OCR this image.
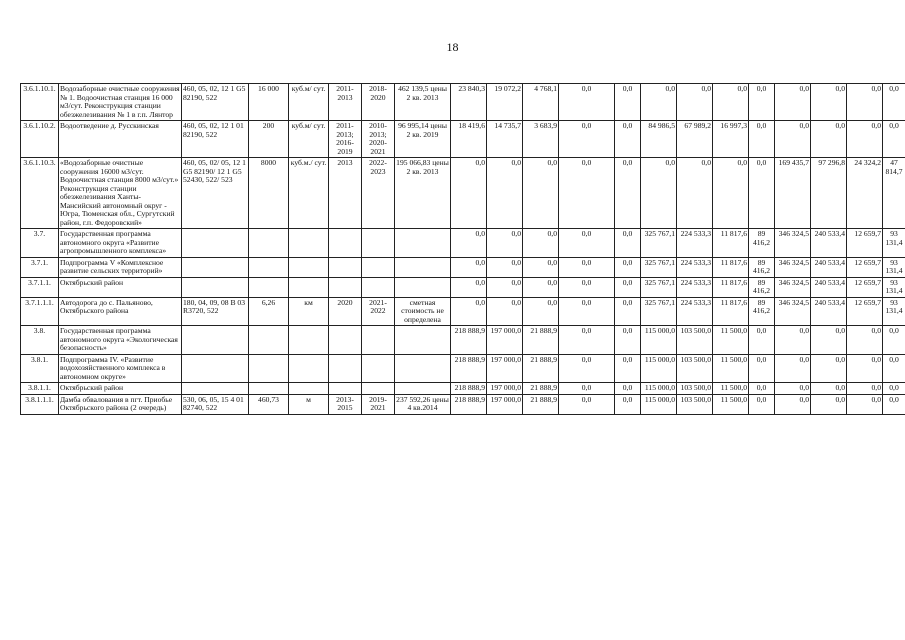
18
3.6.1.10.1.	Водозаборные очистные сооружения № 1. Водоочистная станция 16 000 м3/сут. Реконструкция станции обезжелезивания № 1 в г.п. Лянтор	460, 05, 02, 12 1 G5 82190, 522	16 000	куб.м/ сут.	2011- 2013	2018- 2020	462 139,5 цены 2 кв. 2013	23 840,3	19 072,2	4 768,1	0,0	0,0	0,0	0,0	0,0	0,0	0,0	0,0	0,0	0,0
3.6.1.10.2.	Водоотведение д. Русскинская	460, 05, 02, 12 1 01 82190, 522	200	куб.м/ сут.	2011- 2013; 2016- 2019	2010- 2013; 2020- 2021	96 995,14 цены 2 кв. 2019	18 419,6	14 735,7	3 683,9	0,0	0,0	84 986,5	67 989,2	16 997,3	0,0	0,0	0,0	0,0	0,0
3.6.1.10.3.	«Водозаборные очистные сооружения 16000 м3/сут. Водоочистная станция 8000 м3/сут.» Реконструкция станции обезжелезивания Ханты-Мансийский автономный округ - Югра, Тюменская обл., Сургутский район, г.п. Федоровский»	460, 05, 02/ 05, 12 1 G5 82190/ 12 1 G5 52430, 522/ 523	8000	куб.м./ сут.	2013	2022- 2023	195 066,83 цены 2 кв. 2013	0,0	0,0	0,0	0,0	0,0	0,0	0,0	0,0	0,0	169 435,7	97 296,8	24 324,2	47 814,7
3.7.	Государственная программа автономного округа «Развитие агропромышленного комплекса»							0,0	0,0	0,0	0,0	0,0	325 767,1	224 533,3	11 817,6	89 416,2	346 324,5	240 533,4	12 659,7	93 131,4
3.7.1.	Подпрограмма V «Комплексное развитие сельских территорий»							0,0	0,0	0,0	0,0	0,0	325 767,1	224 533,3	11 817,6	89 416,2	346 324,5	240 533,4	12 659,7	93 131,4
3.7.1.1.	Октябрьский район							0,0	0,0	0,0	0,0	0,0	325 767,1	224 533,3	11 817,6	89 416,2	346 324,5	240 533,4	12 659,7	93 131,4
3.7.1.1.1.	Автодорога до с. Пальяново, Октябрьского района	180, 04, 09, 08 В 03 R3720, 522	6,26	км	2020	2021- 2022	сметная стоимость не определена	0,0	0,0	0,0	0,0	0,0	325 767,1	224 533,3	11 817,6	89 416,2	346 324,5	240 533,4	12 659,7	93 131,4
3.8.	Государственная программа автономного округа «Экологическая безопасность»							218 888,9	197 000,0	21 888,9	0,0	0,0	115 000,0	103 500,0	11 500,0	0,0	0,0	0,0	0,0	0,0
3.8.1.	Подпрограмма IV. «Развитие водохозяйственного комплекса в автономном округе»							218 888,9	197 000,0	21 888,9	0,0	0,0	115 000,0	103 500,0	11 500,0	0,0	0,0	0,0	0,0	0,0
3.8.1.1.	Октябрьский район							218 888,9	197 000,0	21 888,9	0,0	0,0	115 000,0	103 500,0	11 500,0	0,0	0,0	0,0	0,0	0,0
3.8.1.1.1.	Дамба обвалования в пгт. Приобье Октябрьского района (2 очередь)	530, 06, 05, 15 4 01 82740, 522	460,73	м	2013- 2015	2019- 2021	237 592,26 цены 4 кв.2014	218 888,9	197 000,0	21 888,9	0,0	0,0	115 000,0	103 500,0	11 500,0	0,0	0,0	0,0	0,0	0,0
